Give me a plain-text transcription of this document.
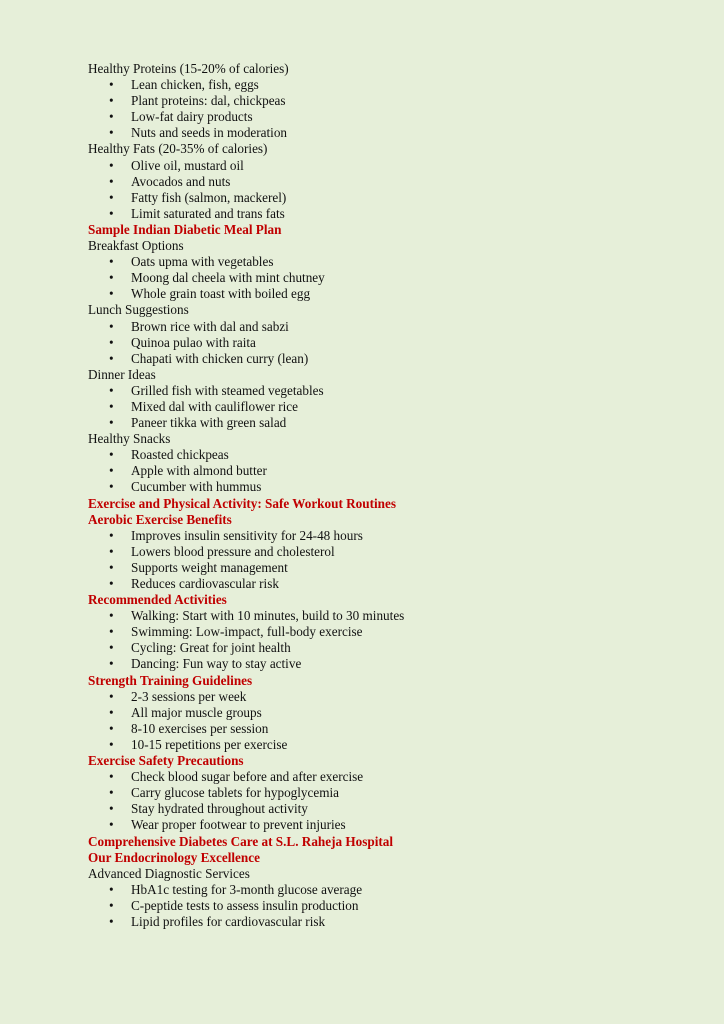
Healthy Proteins (15-20% of calories)

• Lean chicken, fish, eggs
• Plant proteins: dal, chickpeas
• Low-fat dairy products
• Nuts and seeds in moderation

Healthy Fats (20-35% of calories)

• Olive oil, mustard oil
• Avocados and nuts
• Fatty fish (salmon, mackerel)
• Limit saturated and trans fats

Sample Indian Diabetic Meal Plan

Breakfast Options

• Oats upma with vegetables
• Moong dal cheela with mint chutney
• Whole grain toast with boiled egg

Lunch Suggestions

• Brown rice with dal and sabzi
• Quinoa pulao with raita
• Chapati with chicken curry (lean)

Dinner Ideas

• Grilled fish with steamed vegetables
• Mixed dal with cauliflower rice
• Paneer tikka with green salad

Healthy Snacks

• Roasted chickpeas
• Apple with almond butter
• Cucumber with hummus

Exercise and Physical Activity: Safe Workout Routines

Aerobic Exercise Benefits

• Improves insulin sensitivity for 24-48 hours
• Lowers blood pressure and cholesterol
• Supports weight management
• Reduces cardiovascular risk

Recommended Activities

• Walking: Start with 10 minutes, build to 30 minutes
• Swimming: Low-impact, full-body exercise
• Cycling: Great for joint health
• Dancing: Fun way to stay active

Strength Training Guidelines

• 2-3 sessions per week
• All major muscle groups
• 8-10 exercises per session
• 10-15 repetitions per exercise

Exercise Safety Precautions

• Check blood sugar before and after exercise
• Carry glucose tablets for hypoglycemia
• Stay hydrated throughout activity
• Wear proper footwear to prevent injuries

Comprehensive Diabetes Care at S.L. Raheja Hospital

Our Endocrinology Excellence

Advanced Diagnostic Services

• HbA1c testing for 3-month glucose average
• C-peptide tests to assess insulin production
• Lipid profiles for cardiovascular risk
